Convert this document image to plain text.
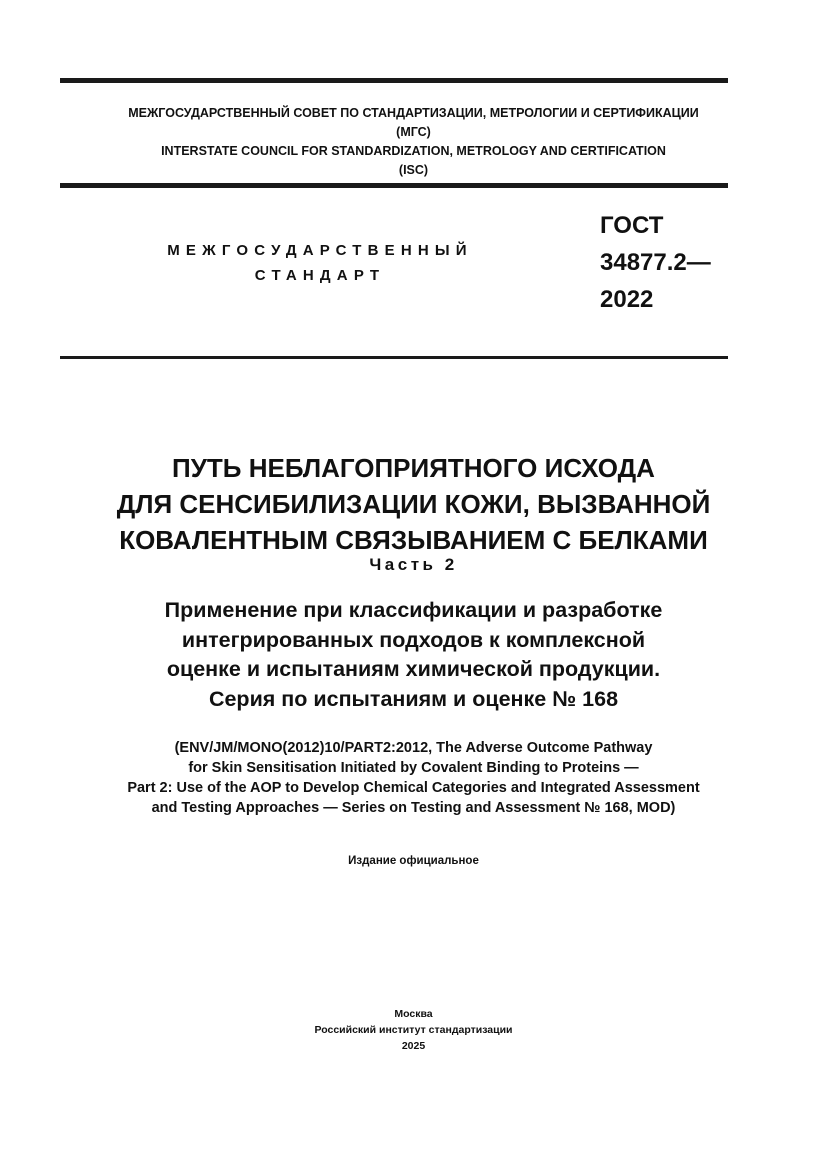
МЕЖГОСУДАРСТВЕННЫЙ СОВЕТ ПО СТАНДАРТИЗАЦИИ, МЕТРОЛОГИИ И СЕРТИФИКАЦИИ
(МГС)
INTERSTATE COUNCIL FOR STANDARDIZATION, METROLOGY AND CERTIFICATION
(ISC)
МЕЖГОСУДАРСТВЕННЫЙ
СТАНДАРТ
ГОСТ
34877.2—
2022
ПУТЬ НЕБЛАГОПРИЯТНОГО ИСХОДА
ДЛЯ СЕНСИБИЛИЗАЦИИ КОЖИ, ВЫЗВАННОЙ
КОВАЛЕНТНЫМ СВЯЗЫВАНИЕМ С БЕЛКАМИ
Часть 2
Применение при классификации и разработке
интегрированных подходов к комплексной
оценке и испытаниям химической продукции.
Серия по испытаниям и оценке № 168
(ENV/JM/MONO(2012)10/PART2:2012, The Adverse Outcome Pathway
for Skin Sensitisation Initiated by Covalent Binding to Proteins —
Part 2: Use of the AOP to Develop Chemical Categories and Integrated Assessment
and Testing Approaches — Series on Testing and Assessment № 168, MOD)
Издание официальное
Москва
Российский институт стандартизации
2025
